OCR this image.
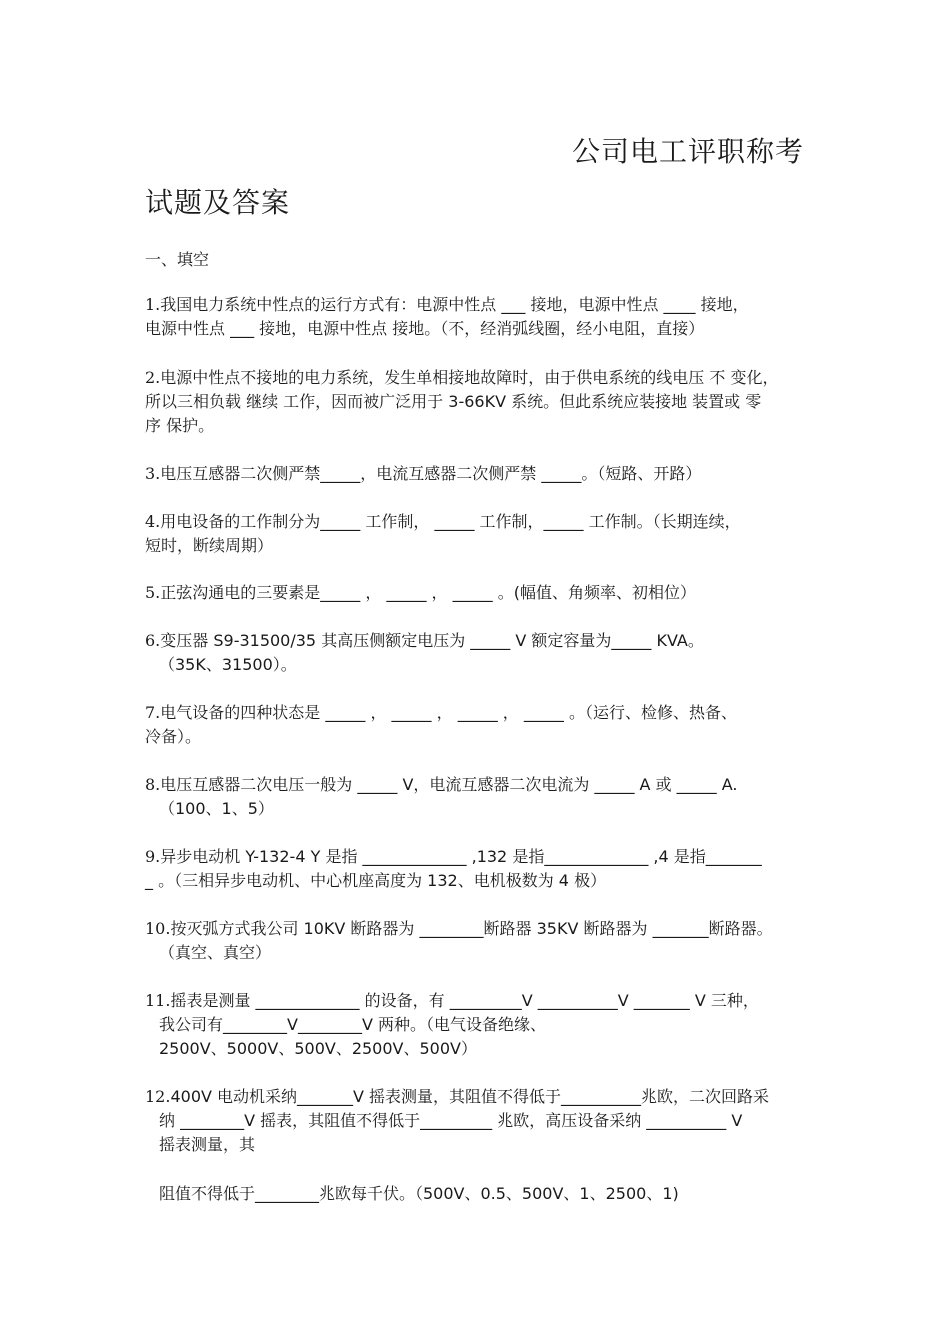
公司电工评职称考
试题及答案
一、填空
1.我国电力系统中性点的运行方式有：电源中性点 ___ 接地，电源中性点 ____ 接地，
电源中性点 ___ 接地，电源中性点 接地。（不，经消弧线圈，经小电阻，直接）
2.电源中性点不接地的电力系统，发生单相接地故障时，由于供电系统的线电压 不 变化，
所以三相负载 继续 工作，因而被广泛用于 3-66KV 系统。但此系统应装接地 装置或 零
序 保护。
3.电压互感器二次侧严禁_____，电流互感器二次侧严禁 _____。（短路、开路）
4.用电设备的工作制分为_____ 工作制， _____ 工作制，_____ 工作制。（长期连续，
短时，断续周期）
5.正弦沟通电的三要素是_____ ， _____ ， _____ 。(幅值、角频率、初相位）
6.变压器 S9-31500/35 其高压侧额定电压为 _____ V 额定容量为_____ KVA。
（35K、31500）。
7.电气设备的四种状态是 _____ ， _____ ， _____ ， _____ 。（运行、检修、热备、
冷备）。
8.电压互感器二次电压一般为 _____ V，电流互感器二次电流为 _____ A 或 _____ A.
（100、1、5）
9.异步电动机 Y-132-4 Y 是指 _____________ ,132 是指_____________ ,4 是指_______
_ 。（三相异步电动机、中心机座高度为 132、电机极数为 4 极）
10.按灭弧方式我公司 10KV 断路器为 ________断路器 35KV 断路器为 _______断路器。
（真空、真空）
11.摇表是测量 _____________ 的设备，有 _________V __________V _______ V 三种，
我公司有________V________V 两种。（电气设备绝缘、
2500V、5000V、500V、2500V、500V）
12.400V 电动机采纳_______V 摇表测量，其阻值不得低于__________兆欧，二次回路采
纳 ________V 摇表，其阻值不得低于_________ 兆欧，高压设备采纳 __________ V
摇表测量，其
阻值不得低于________兆欧每千伏。（500V、0.5、500V、1、2500、1)
